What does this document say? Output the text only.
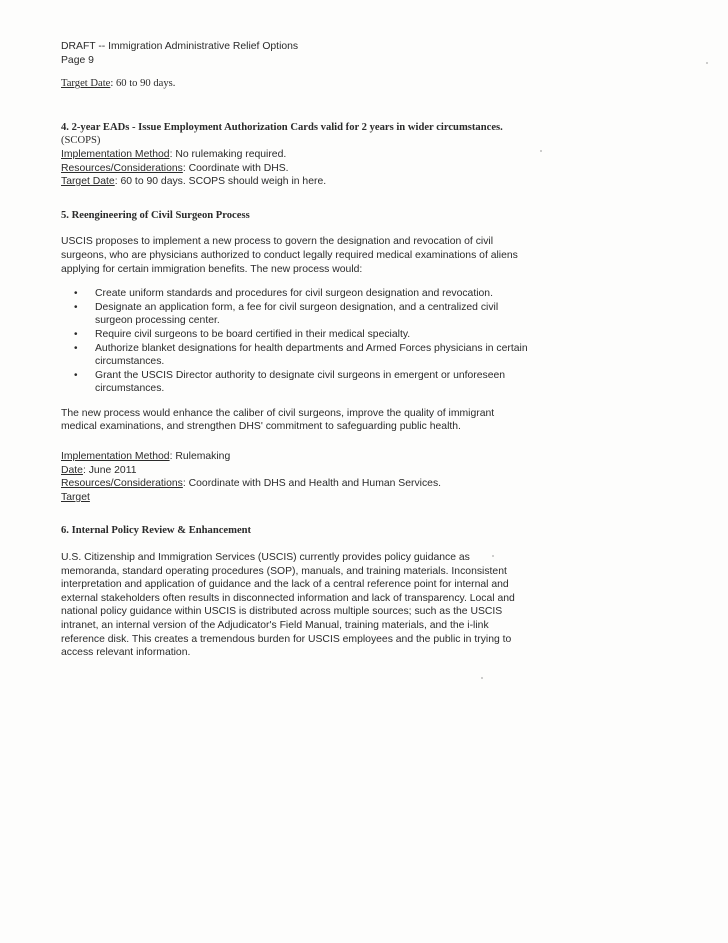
DRAFT -- Immigration Administrative Relief Options

Page 9

Target Date: 60 to 90 days.

4. 2-year EADs - Issue Employment Authorization Cards valid for 2 years in wider circumstances. (SCOPS)

Implementation Method: No rulemaking required.

Resources/Considerations: Coordinate with DHS.

Target Date: 60 to 90 days. SCOPS should weigh in here.

5. Reengineering of Civil Surgeon Process

USCIS proposes to implement a new process to govern the designation and revocation of civil surgeons, who are physicians authorized to conduct legally required medical examinations of aliens applying for certain immigration benefits. The new process would:

• Create uniform standards and procedures for civil surgeon designation and revocation.
• Designate an application form, a fee for civil surgeon designation, and a centralized civil surgeon processing center.
• Require civil surgeons to be board certified in their medical specialty.
• Authorize blanket designations for health departments and Armed Forces physicians in certain circumstances.
• Grant the USCIS Director authority to designate civil surgeons in emergent or unforeseen circumstances.

The new process would enhance the caliber of civil surgeons, improve the quality of immigrant medical examinations, and strengthen DHS' commitment to safeguarding public health.

Implementation Method: Rulemaking

Date: June 2011

Resources/Considerations: Coordinate with DHS and Health and Human Services.

Target

6. Internal Policy Review & Enhancement

U.S. Citizenship and Immigration Services (USCIS) currently provides policy guidance as memoranda, standard operating procedures (SOP), manuals, and training materials. Inconsistent interpretation and application of guidance and the lack of a central reference point for internal and external stakeholders often results in disconnected information and lack of transparency. Local and national policy guidance within USCIS is distributed across multiple sources; such as the USCIS intranet, an internal version of the Adjudicator's Field Manual, training materials, and the i-link reference disk. This creates a tremendous burden for USCIS employees and the public in trying to access relevant information.
